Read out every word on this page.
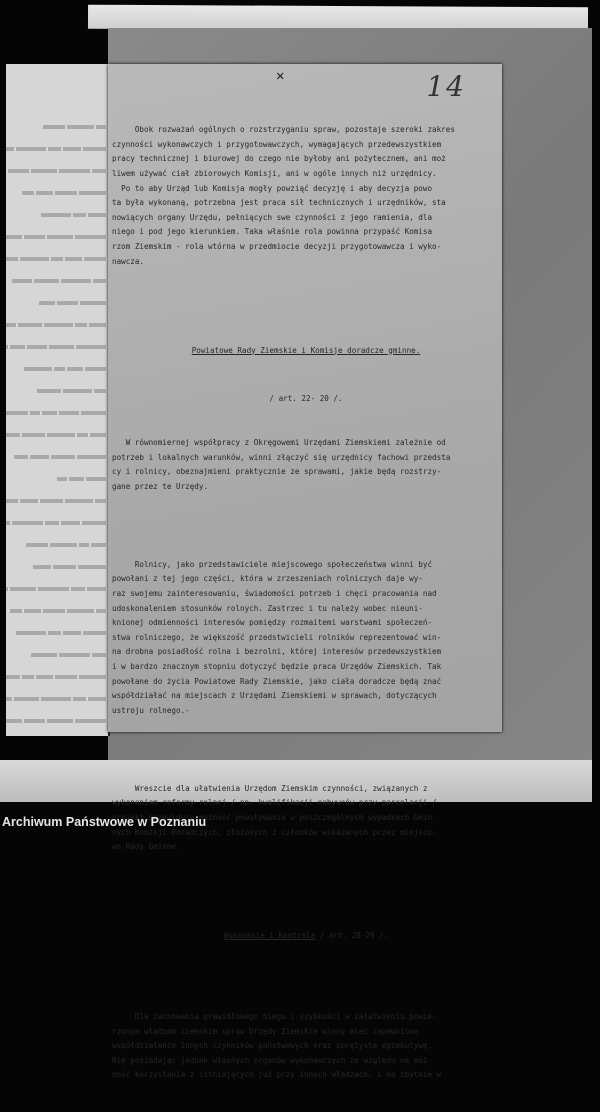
✕	14

Obok rozważań ogólnych o rozstrzyganiu spraw, pozostaje szeroki zakres
czynności wykonawczych i przygotowawczych, wymagających przedewszystkiem
pracy technicznej i biurowej do czego nie byłoby ani pożytecznem, ani moż
liwem używać ciał zbiorowych Komisji, ani w ogóle innych niż urzędnicy.
Po to aby Urząd lub Komisja mogły powziąć decyzję i aby decyzja powo
ta była wykonaną, potrzebna jest praca sił technicznych i urzędników, sta
nowiących organy Urzędu, pełniących swe czynności z jego ramienia, dla
niego i pod jego kierunkiem. Taka właśnie rola powinna przypaść Komisa
rzom Ziemskim - rola wtórna w przedmiocie decyzji przygotowawcza i wyko-
nawcza.

Powiatowe Rady Ziemskie i Komisje doradcze gminne.

/ art. 22- 20 /.

W równomiernej współpracy z Okręgowemi Urzędami Ziemskiemi zależnie od
potrzeb i lokalnych warunków, winni złączyć się urzędnicy fachowi przedsta
cy i rolnicy, obeznajmieni praktycznie ze sprawami, jakie będą rozstrzy-
gane przez te Urzędy.

Rolnicy, jako przedstawiciele miejscowego społeczeństwa winni być
powołani z tej jego części, która w zrzeszeniach rolniczych daje wy-
raz swojemu zainteresowaniu, świadomości potrzeb i chęci pracowania nad
udoskonaleniem stosunków rolnych. Zastrzec i tu należy wobec nieuni-
knionej odmienności interesów pomiędzy rozmaitemi warstwami społeczeń-
stwa rolniczego, że większość przedstwicieli rolników reprezentować win-
na drobna posiadłość rolna i bezrolni, której interesów przedewszystkiem
i w bardzo znacznym stopniu dotyczyć będzie praca Urzędów Ziemskich. Tak
powołane do życia Powiatowe Rady Ziemskie, jako ciała doradcze będą znać
współdziałać na miejscach z Urzędami Ziemskiemi w sprawach, dotyczących
ustroju rolnego.-

Wreszcie dla ułatwienia Urzędom Ziemskim czynności, związanych z
wykonaniem reformy rolnej / np. kwalifikacji nabywców przy parcelacji /
projekt przewiduje możność powoływania w poszczególnych wypadkach Gmin-
nych Komisji Doradczych, złożonych z członków wskazanych przez miejsco-
we Rady Gminne.

Wykonanie i Kontrola / art. 28-29 /.

Dla zachowania prawidłowego biegu i szybkości w załatwieniu powie-
rzonym władzom ziemskim spraw Urzędy Ziemskie winny mieć zapewnione
współdziałanie innych czynników państwowych oraz sprężystą egzekutywę.
Nie posiadając jednak własnych organów wykonawczych ze względu na moż-
ność korzystania z istniejących już przy innych władzach, i na zbytnie w

Archiwum Państwowe w Poznaniu
